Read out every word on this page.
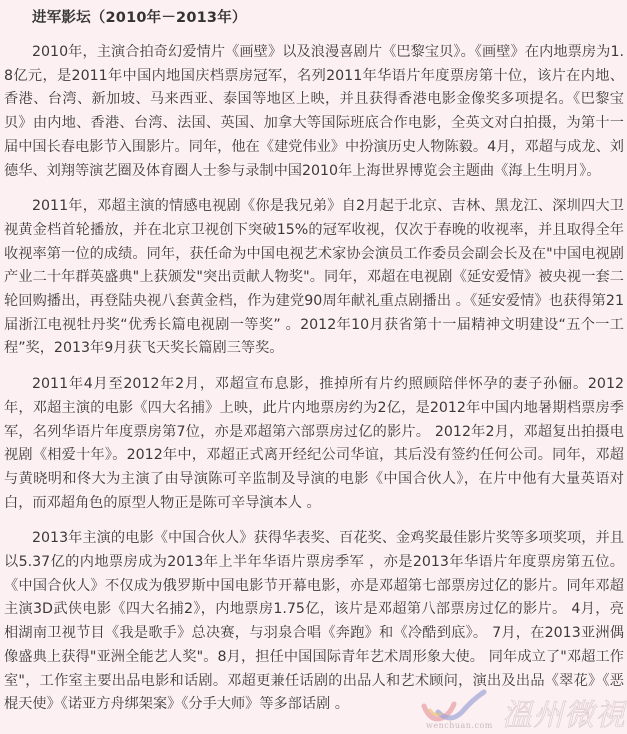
进军影坛（2010年－2013年）

2010年，主演合拍奇幻爱情片《画壁》以及浪漫喜剧片《巴黎宝贝》。《画壁》在内地票房为1.8亿元，是2011年中国内地国庆档票房冠军，名列2011年华语片年度票房第十位，该片在内地、香港、台湾、新加坡、马来西亚、泰国等地区上映，并且获得香港电影金像奖多项提名。《巴黎宝贝》由内地、香港、台湾、法国、英国、加拿大等国际班底合作电影，全英文对白拍摄，为第十一届中国长春电影节入围影片。同年，他在《建党伟业》中扮演历史人物陈毅。4月，邓超与成龙、刘德华、刘翔等演艺圈及体育圈人士参与录制中国2010年上海世界博览会主题曲《海上生明月》。

2011年，邓超主演的情感电视剧《你是我兄弟》自2月起于北京、吉林、黑龙江、深圳四大卫视黄金档首轮播放，并在北京卫视创下突破15%的冠军收视，仅次于春晚的收视率，并且取得全年收视率第一位的成绩。同年，获任命为中国电视艺术家协会演员工作委员会副会长及在"中国电视剧产业二十年群英盛典"上获颁发"突出贡献人物奖"。同年，邓超在电视剧《延安爱情》被央视一套二轮回购播出，再登陆央视八套黄金档，作为建党90周年献礼重点剧播出 。《延安爱情》也获得第21届浙江电视牡丹奖“优秀长篇电视剧一等奖” 。2012年10月获省第十一届精神文明建设“五个一工程”奖，2013年9月获飞天奖长篇剧三等奖。

2011年4月至2012年2月，邓超宣布息影，推掉所有片约照顾陪伴怀孕的妻子孙俪。2012年，邓超主演的电影《四大名捕》上映，此片内地票房约为2亿，是2012年中国内地暑期档票房季军，名列华语片年度票房第7位，亦是邓超第六部票房过亿的影片。 2012年2月，邓超复出拍摄电视剧《相爱十年》。2012年中，邓超正式离开经纪公司华谊，其后没有签约任何公司。同年，邓超与黄晓明和佟大为主演了由导演陈可辛监制及导演的电影《中国合伙人》，在片中他有大量英语对白，而邓超角色的原型人物正是陈可辛导演本人 。

2013年主演的电影《中国合伙人》获得华表奖、百花奖、金鸡奖最佳影片奖等多项奖项，并且以5.37亿的内地票房成为2013年上半年华语片票房季军 ，亦是2013年华语片年度票房第五位。《中国合伙人》不仅成为俄罗斯中国电影节开幕电影，亦是邓超第七部票房过亿的影片。同年邓超主演3D武侠电影《四大名捕2》，内地票房1.75亿，该片是邓超第八部票房过亿的影片。 4月，亮相湖南卫视节目《我是歌手》总决赛，与羽泉合唱《奔跑》和《冷酷到底》。 7月，在2013亚洲偶像盛典上获得"亚洲全能艺人奖"。8月，担任中国国际青年艺术周形象大使。 同年成立了"邓超工作室"，工作室主要出品电影和话剧。邓超更兼任话剧的出品人和艺术顾问，演出及出品《翠花》《恶棍天使》《诺亚方舟绑架案》《分手大师》等多部话剧 。

wenchuan.com 溫州微視
